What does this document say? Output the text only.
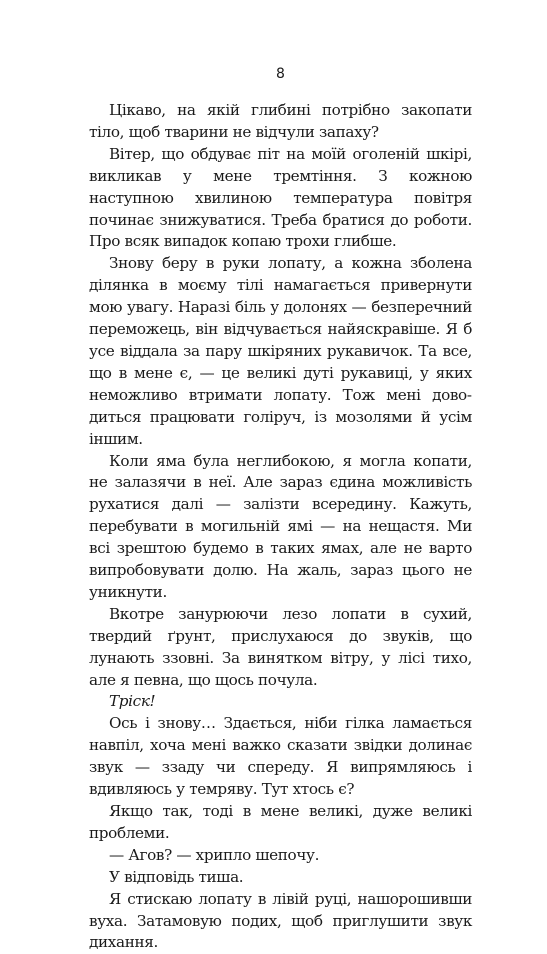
8

Цікаво, на якій глибині потрібно закопати тіло, щоб тварини не відчули запаху?

Вітер, що обдуває піт на моїй оголеній шкірі, викликав у мене тремтіння. З кожною наступною хвилиною температура повітря починає знижуватися. Треба братися до роботи. Про всяк випадок копаю трохи глибше.

Знову беру в руки лопату, а кожна зболена ділянка в моєму тілі намагається привернути мою увагу. Наразі біль у долонях — безперечний переможець, він відчувається найяскравіше. Я б усе віддала за пару шкіряних рукавичок. Та все, що в мене є, — це великі дуті рукавиці, у яких неможливо втримати лопату. Тож мені доводиться працювати голіруч, із мозолями й усім іншим.

Коли яма була неглибокою, я могла копати, не залазячи в неї. Але зараз єдина можливість рухатися далі — залізти всередину. Кажуть, перебувати в могильній ямі — на нещастя. Ми всі зрештою будемо в таких ямах, але не варто випробовувати долю. На жаль, зараз цього не уникнути.

Вкотре занурюючи лезо лопати в сухий, твердий ґрунт, прислухаюся до звуків, що лунають ззовні. За винятком вітру, у лісі тихо, але я певна, що щось почула.

Тріск!

Ось і знову… Здається, ніби гілка ламається навпіл, хоча мені важко сказати звідки долинає звук — ззаду чи спереду. Я випрямляюсь і вдивляюсь у темряву. Тут хтось є?

Якщо так, тоді в мене великі, дуже великі проблеми.

— Агов? — хрипло шепочу.

У відповідь тиша.

Я стискаю лопату в лівій руці, нашорошивши вуха. Затамовую подих, щоб приглушити звук дихання.
